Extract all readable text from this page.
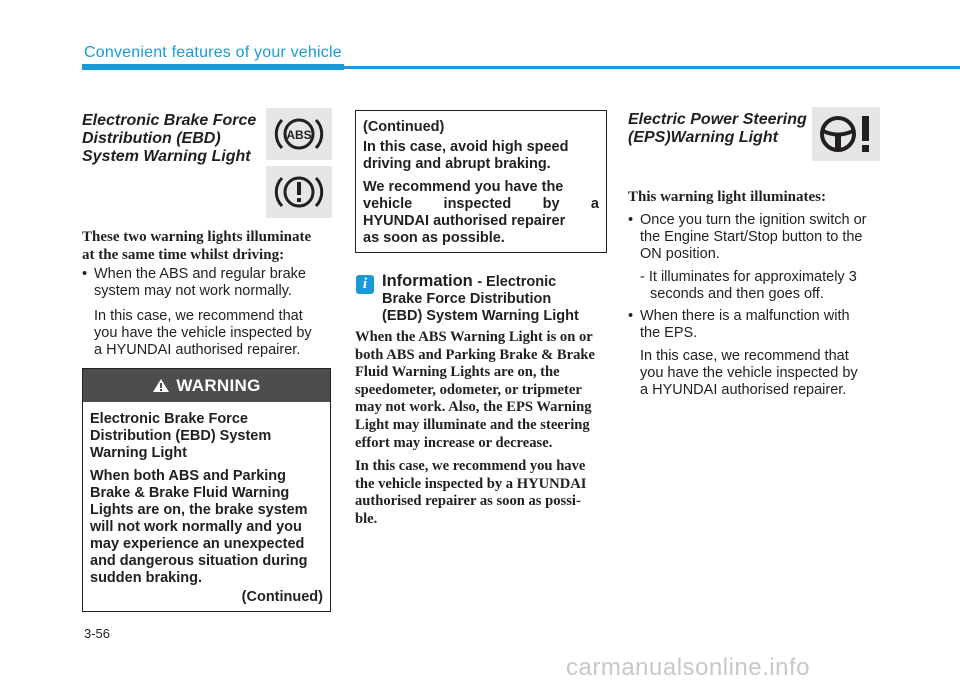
Convenient features of your vehicle
Electronic Brake Force
Distribution (EBD)
System Warning Light
ABS
These two warning lights illuminate
at the same time whilst driving:
• When the ABS and regular brake
system may not work normally.
In this case, we recommend that
you have the vehicle inspected by
a HYUNDAI authorised repairer.
WARNING
Electronic Brake Force
Distribution (EBD) System
Warning Light
When both ABS and Parking
Brake & Brake Fluid Warning
Lights are on, the brake system
will not work normally and you
may experience an unexpected
and dangerous situation during
sudden braking.
(Continued)
(Continued)
In this case, avoid high speed
driving and abrupt braking.
We recommend you have the
vehicle inspected by a
HYUNDAI authorised repairer
as soon as possible.
i Information - Electronic
Brake Force Distribution
(EBD) System Warning Light
When the ABS Warning Light is on or
both ABS and Parking Brake & Brake
Fluid Warning Lights are on, the
speedometer, odometer, or tripmeter
may not work. Also, the EPS Warning
Light may illuminate and the steering
effort may increase or decrease.
In this case, we recommend you have
the vehicle inspected by a HYUNDAI
authorised repairer as soon as possi-
ble.
Electric Power Steering
(EPS)Warning Light
This warning light illuminates:
• Once you turn the ignition switch or
the Engine Start/Stop button to the
ON position.
- It illuminates for approximately 3
seconds and then goes off.
• When there is a malfunction with
the EPS.
In this case, we recommend that
you have the vehicle inspected by
a HYUNDAI authorised repairer.
3-56
carmanualsonline.info
